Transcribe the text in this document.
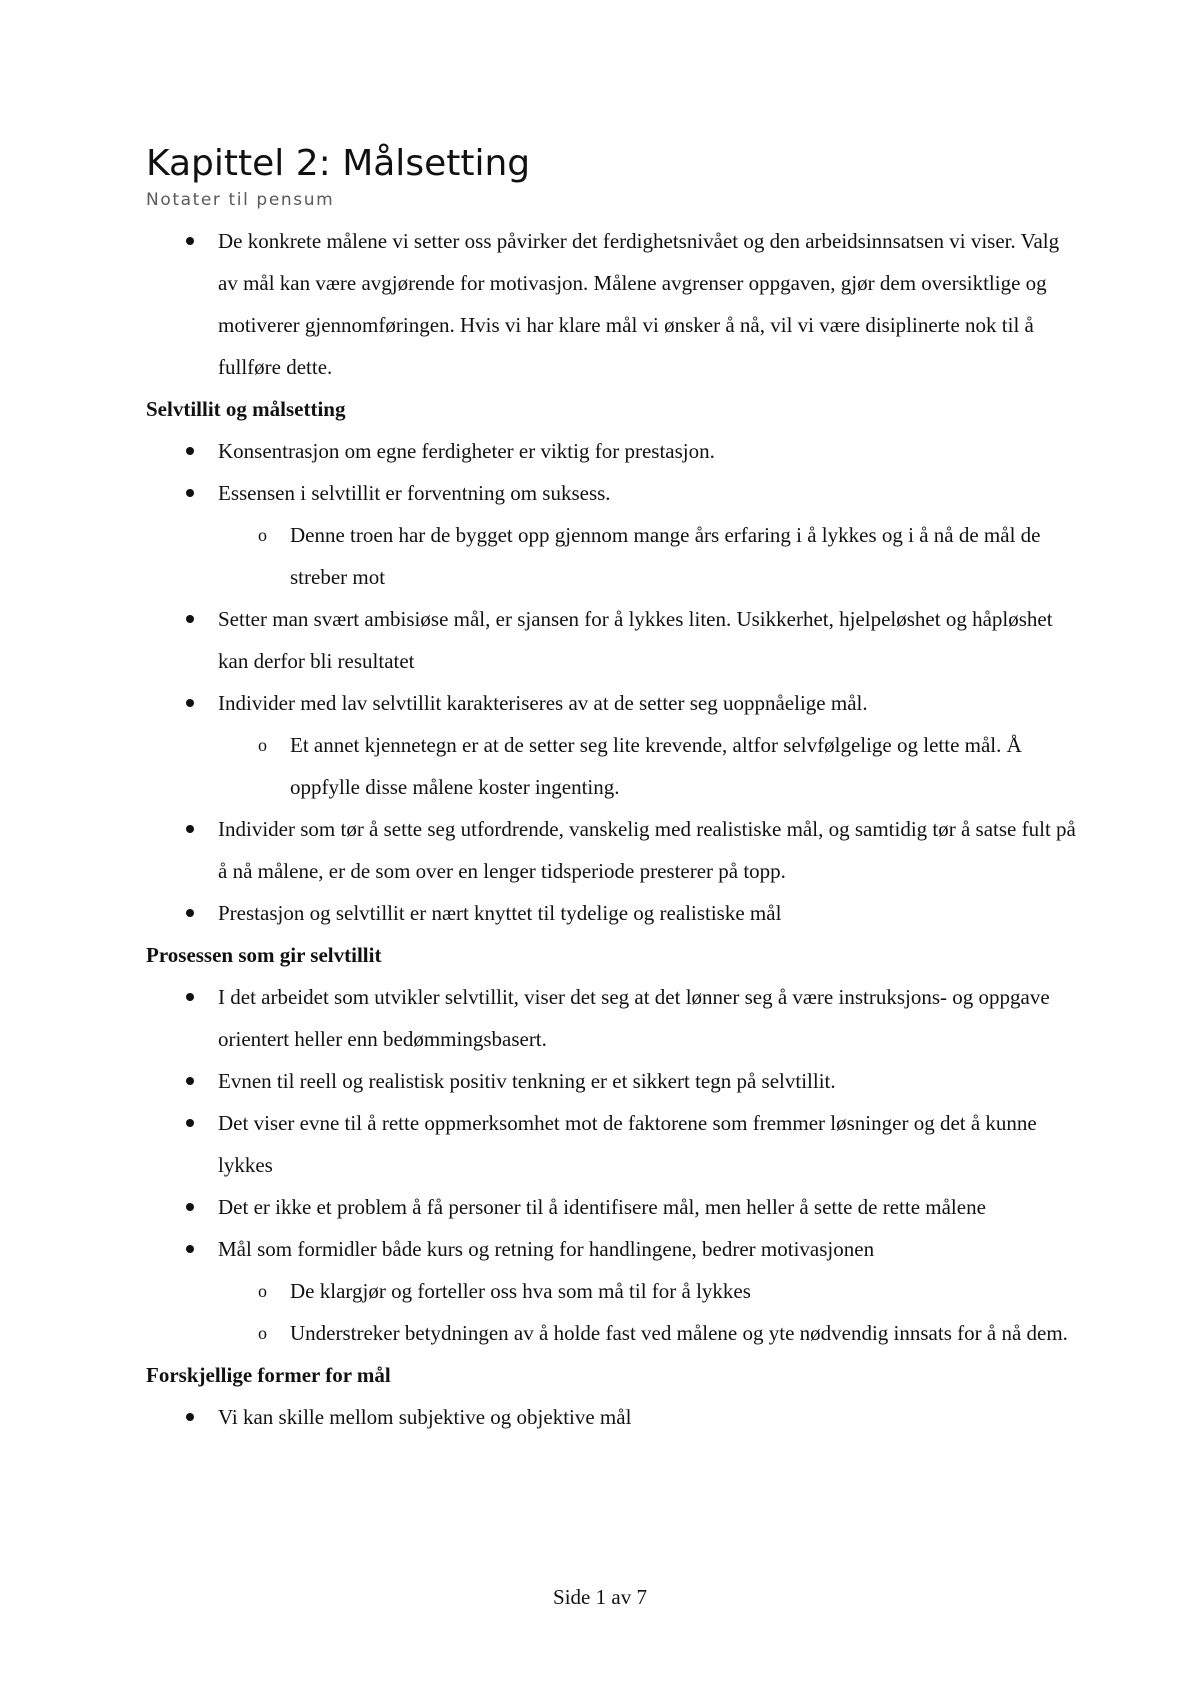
Kapittel 2: Målsetting
Notater til pensum
De konkrete målene vi setter oss påvirker det ferdighetsnivået og den arbeidsinnsatsen vi viser. Valg av mål kan være avgjørende for motivasjon. Målene avgrenser oppgaven, gjør dem oversiktlige og motiverer gjennomføringen. Hvis vi har klare mål vi ønsker å nå, vil vi være disiplinerte nok til å fullføre dette.
Selvtillit og målsetting
Konsentrasjon om egne ferdigheter er viktig for prestasjon.
Essensen i selvtillit er forventning om suksess.
o Denne troen har de bygget opp gjennom mange års erfaring i å lykkes og i å nå de mål de streber mot
Setter man svært ambisiøse mål, er sjansen for å lykkes liten. Usikkerhet, hjelpeløshet og håpløshet kan derfor bli resultatet
Individer med lav selvtillit karakteriseres av at de setter seg uoppnåelige mål.
o Et annet kjennetegn er at de setter seg lite krevende, altfor selvfølgelige og lette mål. Å oppfylle disse målene koster ingenting.
Individer som tør å sette seg utfordrende, vanskelig med realistiske mål, og samtidig tør å satse fult på å nå målene, er de som over en lenger tidsperiode presterer på topp.
Prestasjon og selvtillit er nært knyttet til tydelige og realistiske mål
Prosessen som gir selvtillit
I det arbeidet som utvikler selvtillit, viser det seg at det lønner seg å være instruksjons- og oppgave orientert heller enn bedømmingsbasert.
Evnen til reell og realistisk positiv tenkning er et sikkert tegn på selvtillit.
Det viser evne til å rette oppmerksomhet mot de faktorene som fremmer løsninger og det å kunne lykkes
Det er ikke et problem å få personer til å identifisere mål, men heller å sette de rette målene
Mål som formidler både kurs og retning for handlingene, bedrer motivasjonen
o De klargjør og forteller oss hva som må til for å lykkes
o Understreker betydningen av å holde fast ved målene og yte nødvendig innsats for å nå dem.
Forskjellige former for mål
Vi kan skille mellom subjektive og objektive mål
Side 1 av 7
